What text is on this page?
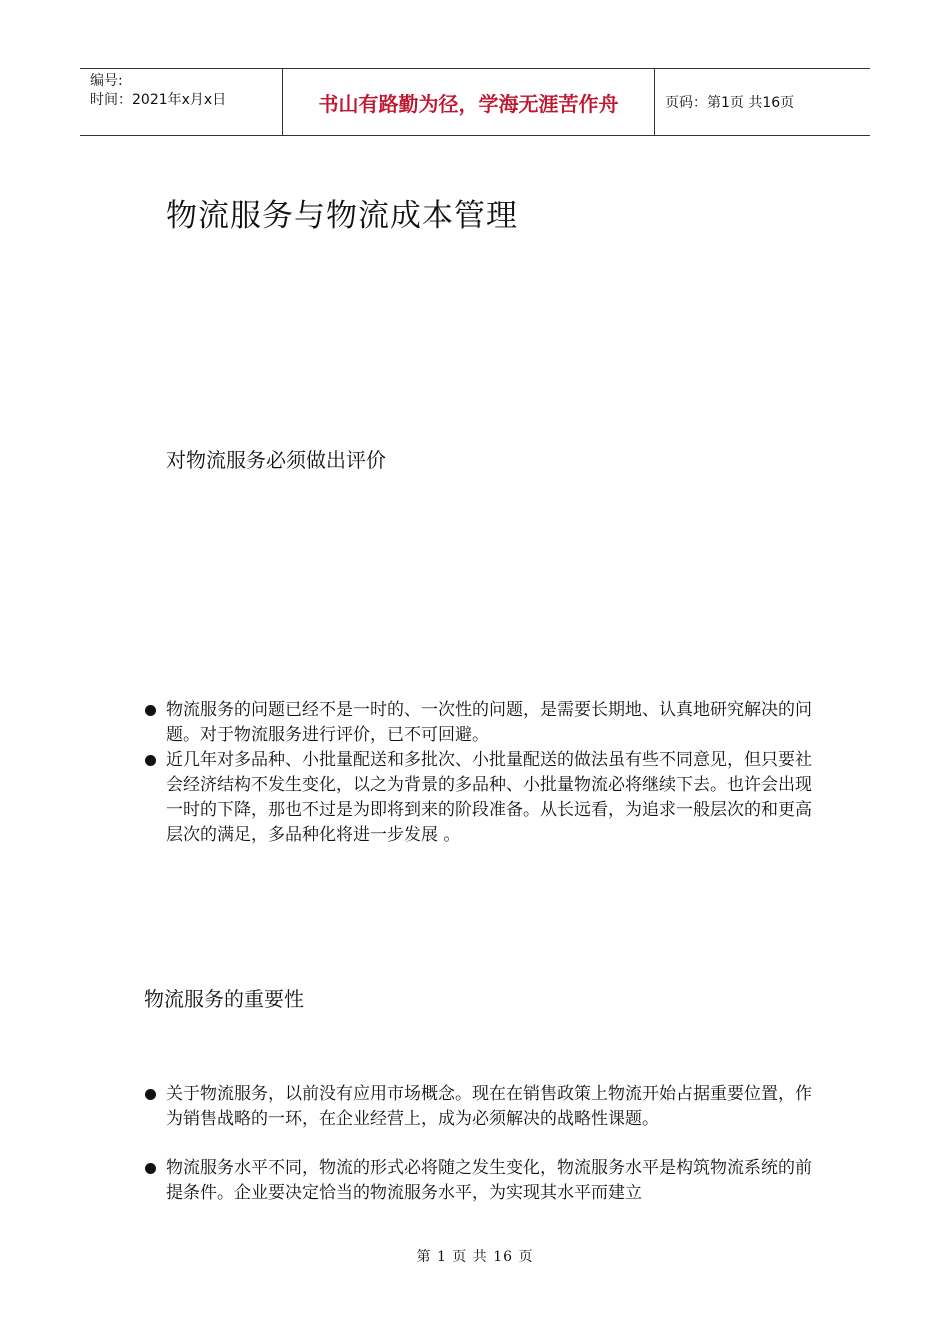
编号:
时间：2021年x月x日	书山有路勤为径，学海无涯苦作舟	页码：第1页 共16页
物流服务与物流成本管理
对物流服务必须做出评价
物流服务的问题已经不是一时的、一次性的问题，是需要长期地、认真地研究解决的问题。对于物流服务进行评价，已不可回避。
近几年对多品种、小批量配送和多批次、小批量配送的做法虽有些不同意见，但只要社会经济结构不发生变化，以之为背景的多品种、小批量物流必将继续下去。也许会出现一时的下降，那也不过是为即将到来的阶段准备。从长远看，为追求一般层次的和更高层次的满足，多品种化将进一步发展 。
物流服务的重要性
关于物流服务，以前没有应用市场概念。现在在销售政策上物流开始占据重要位置，作为销售战略的一环，在企业经营上，成为必须解决的战略性课题。
物流服务水平不同，物流的形式必将随之发生变化，物流服务水平是构筑物流系统的前提条件。企业要决定恰当的物流服务水平，为实现其水平而建立
第 1 页 共 16 页
